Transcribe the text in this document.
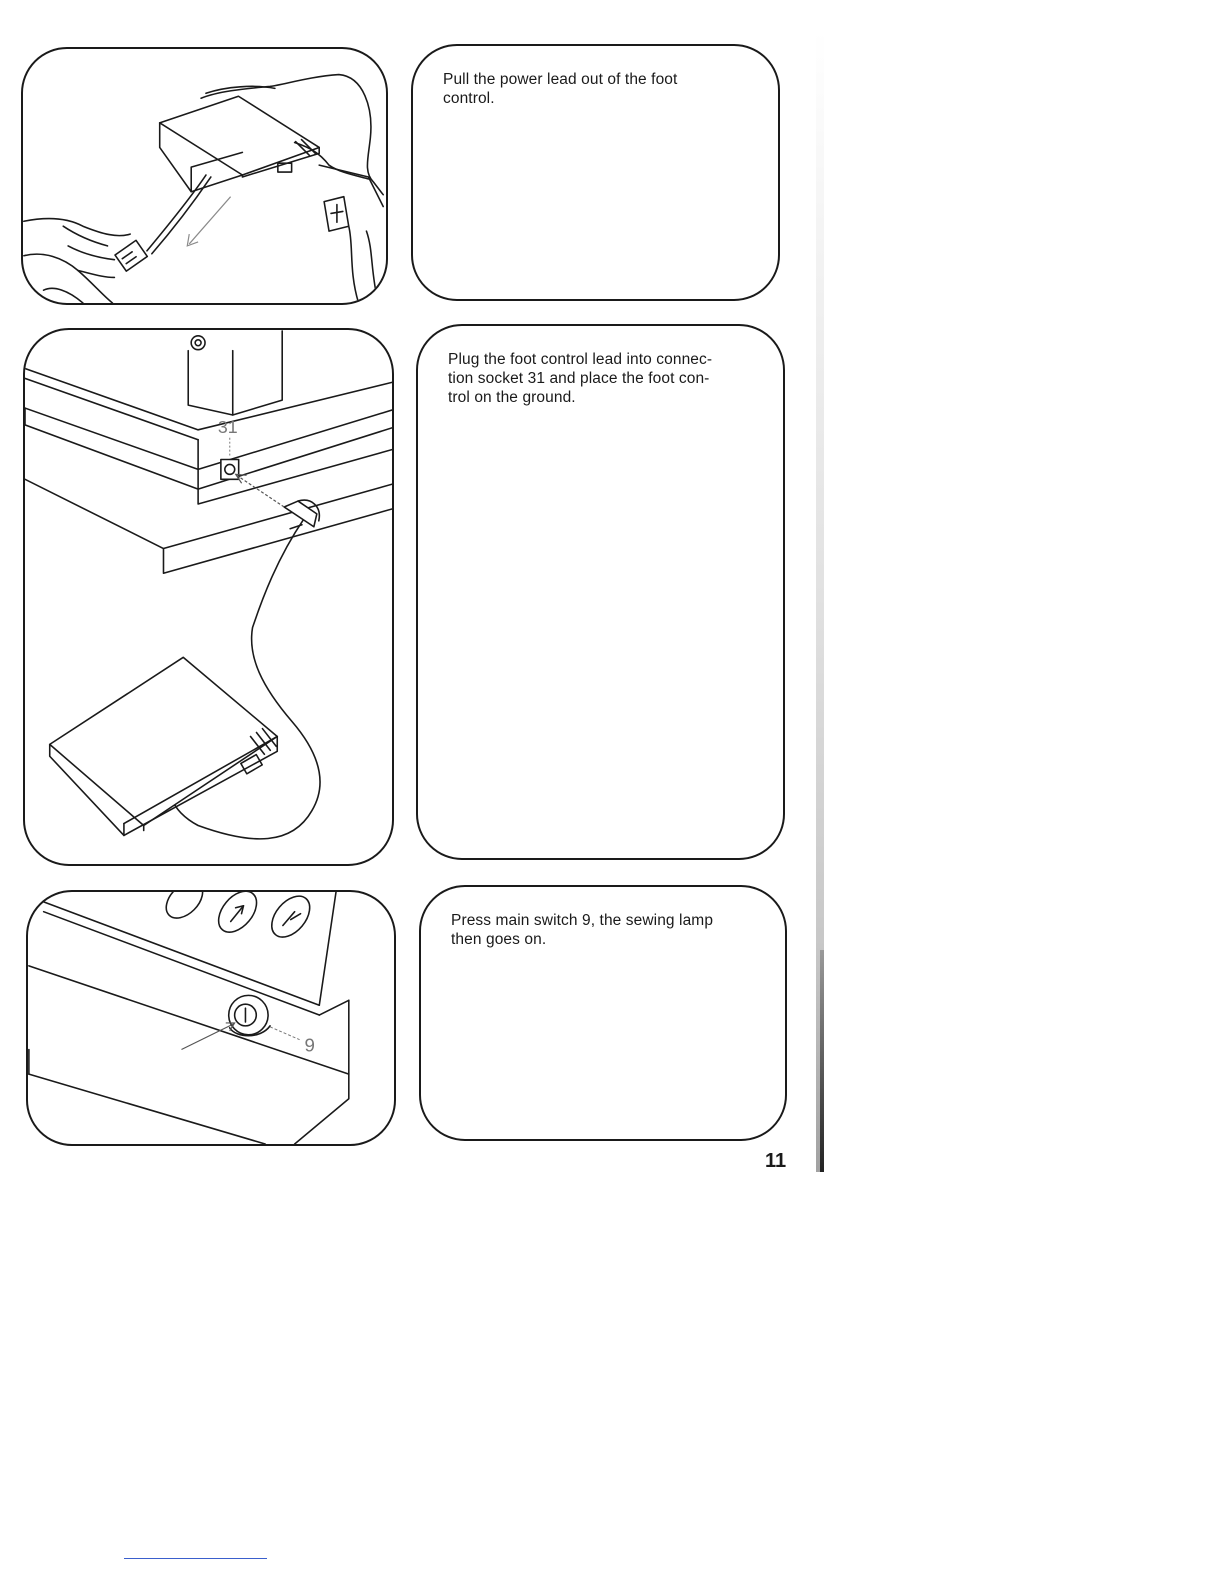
Pull the power lead out of the foot
control.

31

Plug the foot control lead into connec-
tion socket 31 and place the foot con-
trol on the ground.

9

Press main switch 9, the sewing lamp
then goes on.

11
